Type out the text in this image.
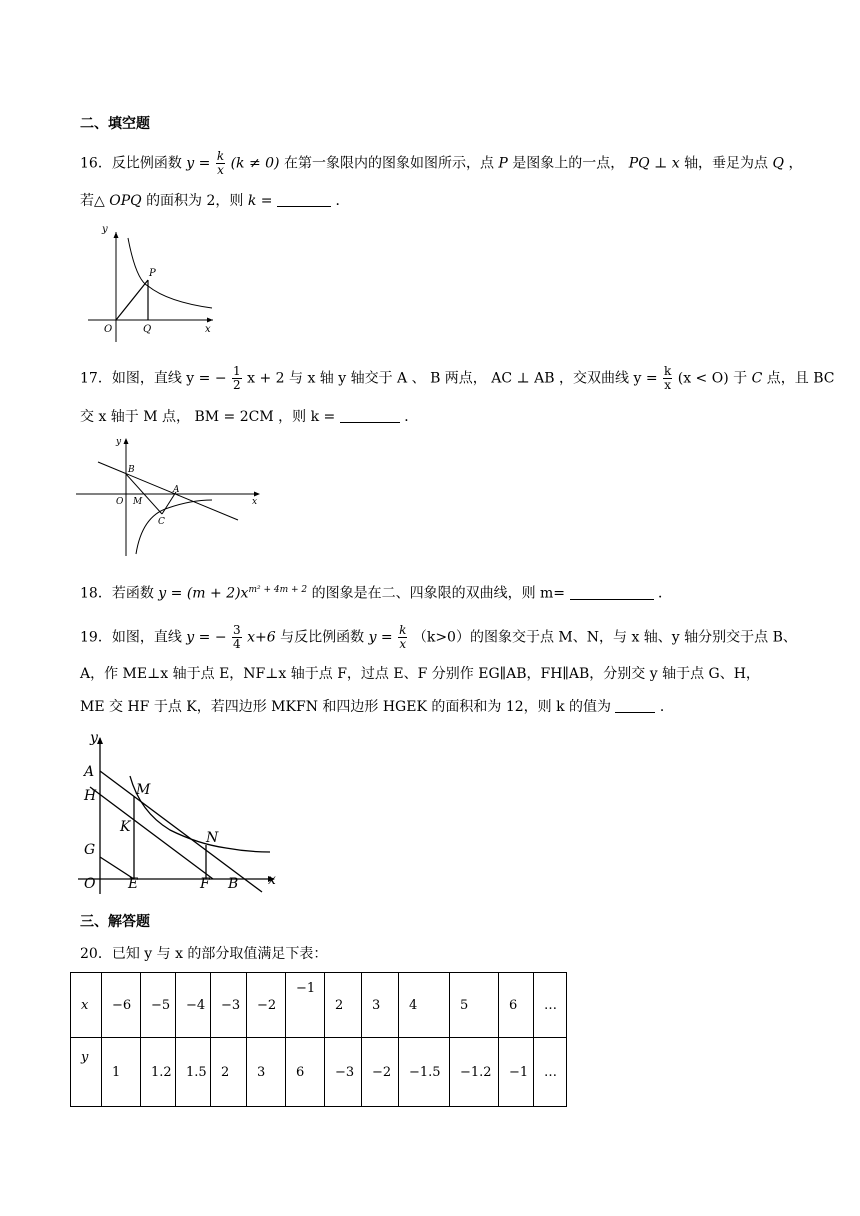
二、填空题
16．反比例函数 $y = \frac{k}{x} (k \ne 0)$ 在第一象限内的图象如图所示，点 P 是图象上的一点， PQ ⊥ x 轴，垂足为点 Q ，
若△ OPQ 的面积为 2，则 k =	．
y
x
O
P
Q
17．如图，直线 y = − $\frac{1}{2}$ x + 2 与 x 轴 y 轴交于 A 、 B 两点， AC ⊥ AB ，交双曲线 $y = \frac{k}{x} (x < O)$ 于 C 点，且 BC
交 x 轴于 M 点， BM = 2CM ，则 k =	．
y
x
O
B
M
A
C
18．若函数 $y = (m + 2)x^{m^2 + 4m + 2}$ 的图象是在二、四象限的双曲线，则 m=	．
19．如图，直线 y = − $\frac{3}{4} x+6$ 与反比例函数 $y = \frac{k}{x} (k>0)$的图象交于点 M、N，与 x 轴、y 轴分别交于点 B、
A，作 ME⊥x 轴于点 E，NF⊥x 轴于点 F，过点 E、F 分别作 EG∥AB，FH∥AB，分别交 y 轴于点 G、H，
ME 交 HF 于点 K，若四边形 MKFN 和四边形 HGEK 的面积和为 12，则 k 的值为	．
y
x
O
A
H
G
M
K
N
E	F B
三、解答题
20．已知 y 与 x 的部分取值满足下表：
x	−6	−5	−4	−3	−2	−1	2	3	4	5	6	…
y	1	1.2	1.5	2	3	6	−3	−2	−1.5	−1.2	−1	…
